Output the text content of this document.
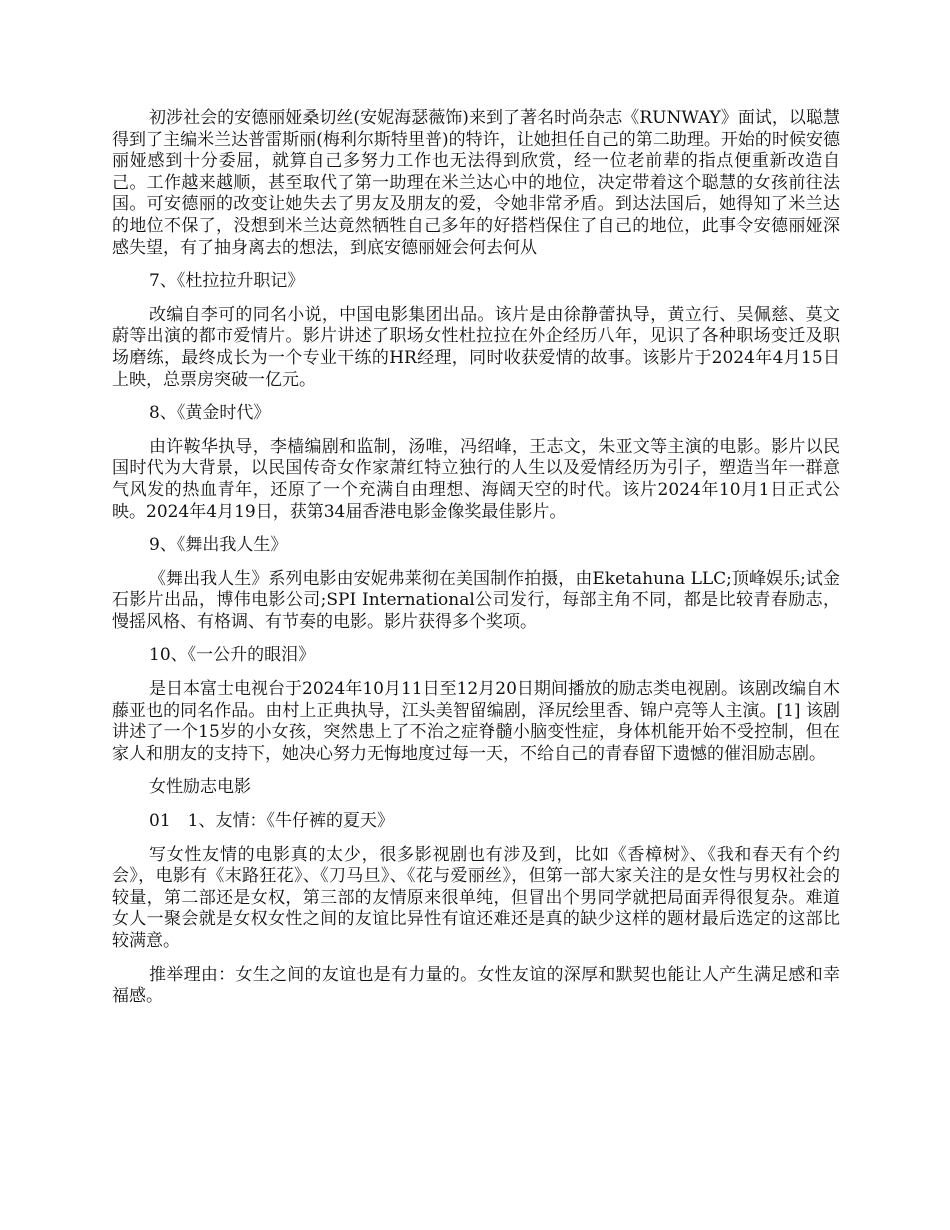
初涉社会的安德丽娅桑切丝(安妮海瑟薇饰)来到了著名时尚杂志《RUNWAY》面试，以聪慧得到了主编米兰达普雷斯丽(梅利尔斯特里普)的特许，让她担任自己的第二助理。开始的时候安德丽娅感到十分委屈，就算自己多努力工作也无法得到欣赏，经一位老前辈的指点便重新改造自己。工作越来越顺，甚至取代了第一助理在米兰达心中的地位，决定带着这个聪慧的女孩前往法国。可安德丽的改变让她失去了男友及朋友的爱，令她非常矛盾。到达法国后，她得知了米兰达的地位不保了，没想到米兰达竟然牺牲自己多年的好搭档保住了自己的地位，此事令安德丽娅深感失望，有了抽身离去的想法，到底安德丽娅会何去何从

7、《杜拉拉升职记》

改编自李可的同名小说，中国电影集团出品。该片是由徐静蕾执导，黄立行、吴佩慈、莫文蔚等出演的都市爱情片。影片讲述了职场女性杜拉拉在外企经历八年，见识了各种职场变迁及职场磨练，最终成长为一个专业干练的HR经理，同时收获爱情的故事。该影片于2024年4月15日上映，总票房突破一亿元。

8、《黄金时代》

由许鞍华执导，李樯编剧和监制，汤唯，冯绍峰，王志文，朱亚文等主演的电影。影片以民国时代为大背景，以民国传奇女作家萧红特立独行的人生以及爱情经历为引子，塑造当年一群意气风发的热血青年，还原了一个充满自由理想、海阔天空的时代。该片2024年10月1日正式公映。2024年4月19日，获第34届香港电影金像奖最佳影片。

9、《舞出我人生》

《舞出我人生》系列电影由安妮弗莱彻在美国制作拍摄，由Eketahuna LLC;顶峰娱乐;试金石影片出品，博伟电影公司;SPI International公司发行，每部主角不同，都是比较青春励志，慢摇风格、有格调、有节奏的电影。影片获得多个奖项。

10、《一公升的眼泪》

是日本富士电视台于2024年10月11日至12月20日期间播放的励志类电视剧。该剧改编自木藤亚也的同名作品。由村上正典执导，江头美智留编剧，泽尻绘里香、锦户亮等人主演。[1] 该剧讲述了一个15岁的小女孩，突然患上了不治之症脊髓小脑变性症，身体机能开始不受控制，但在家人和朋友的支持下，她决心努力无悔地度过每一天，不给自己的青春留下遗憾的催泪励志剧。

女性励志电影

01　1、友情：《牛仔裤的夏天》

写女性友情的电影真的太少，很多影视剧也有涉及到，比如《香樟树》、《我和春天有个约会》，电影有《末路狂花》、《刀马旦》、《花与爱丽丝》，但第一部大家关注的是女性与男权社会的较量，第二部还是女权，第三部的友情原来很单纯，但冒出个男同学就把局面弄得很复杂。难道女人一聚会就是女权女性之间的友谊比异性有谊还难还是真的缺少这样的题材最后选定的这部比较满意。

推举理由：女生之间的友谊也是有力量的。女性友谊的深厚和默契也能让人产生满足感和幸福感。
